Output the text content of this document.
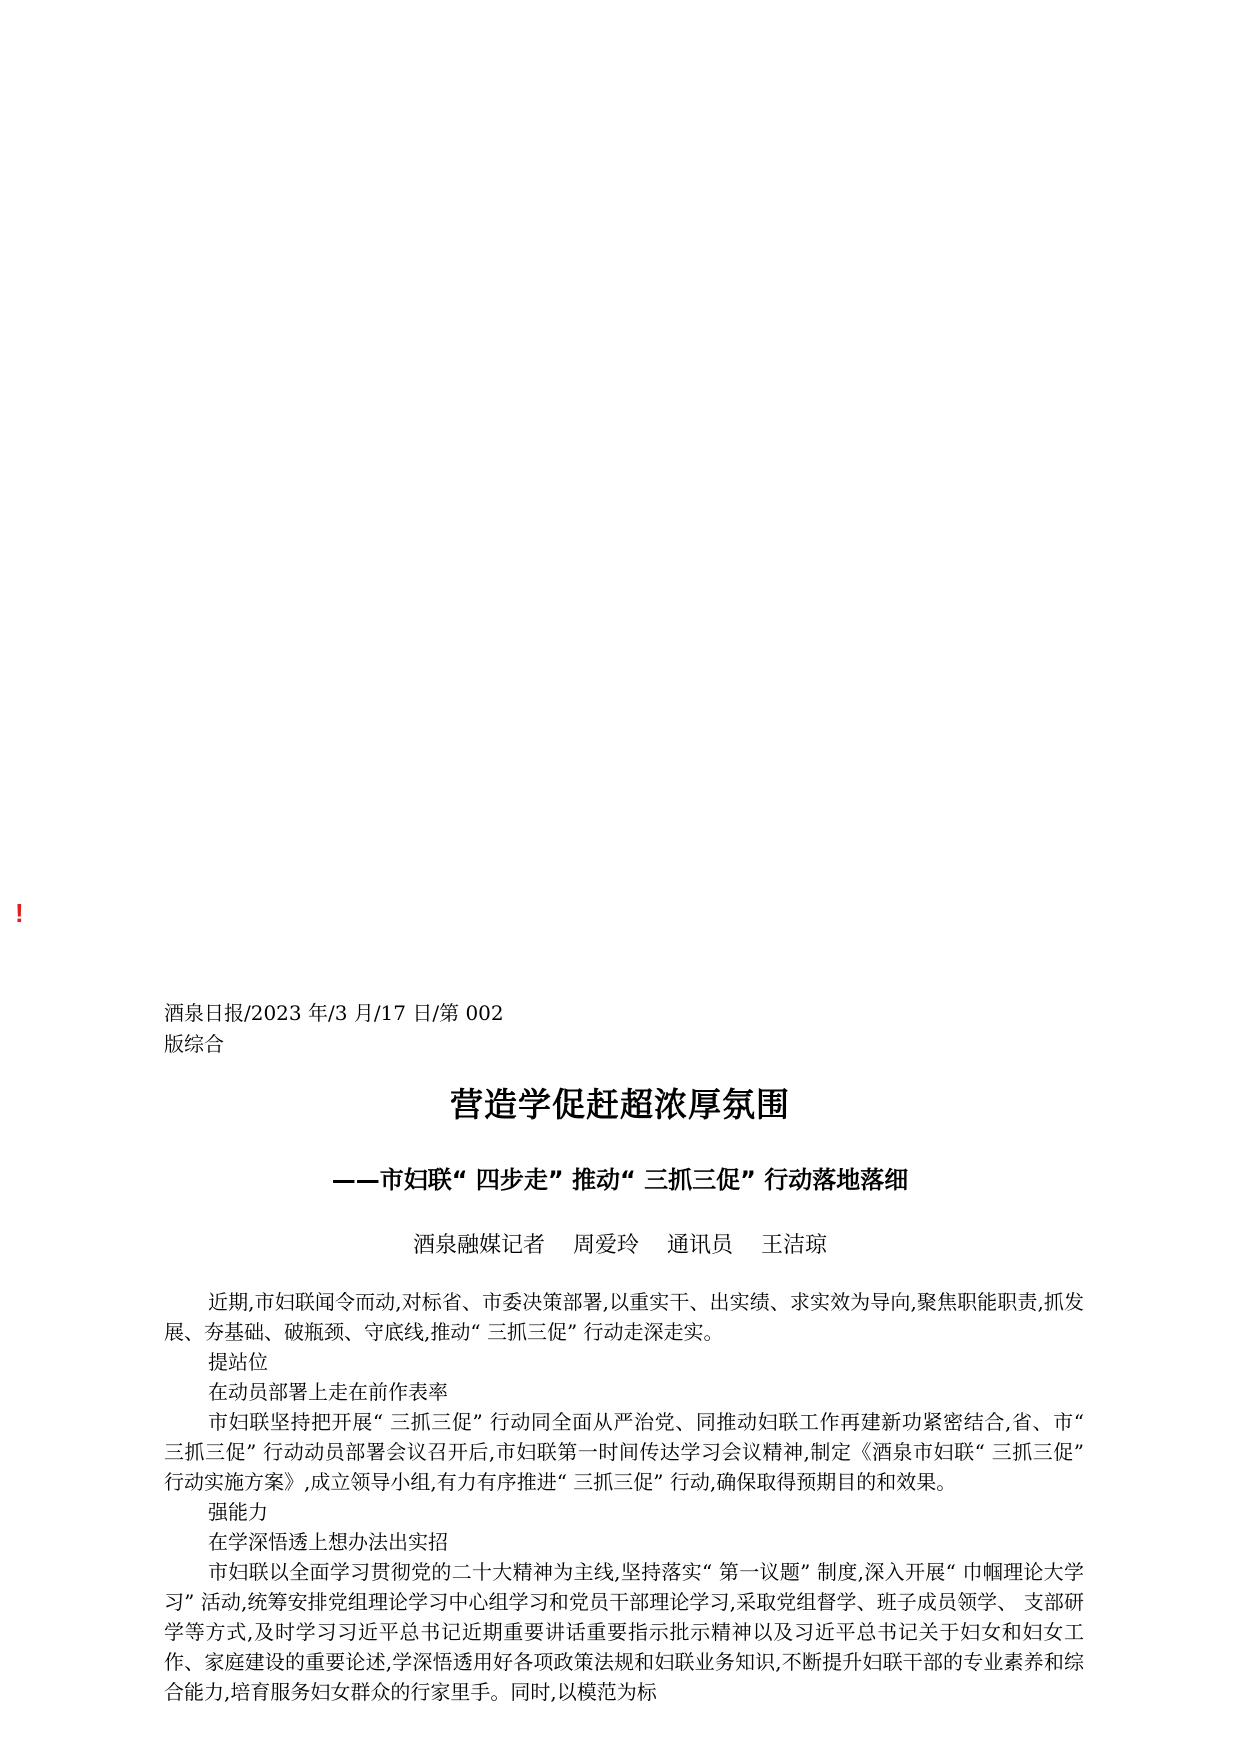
!
酒泉日报/2023 年/3 月/17 日/第 002
版综合
营造学促赶超浓厚氛围
——市妇联“ 四步走” 推动“ 三抓三促” 行动落地落细
酒泉融媒记者    周爱玲    通讯员    王洁琼

近期,市妇联闻令而动,对标省、市委决策部署,以重实干、出实绩、求实效为导向,聚焦职能职责,抓发展、夯基础、破瓶颈、守底线,推动“ 三抓三促” 行动走深走实。

提站位

在动员部署上走在前作表率

市妇联坚持把开展“ 三抓三促” 行动同全面从严治党、同推动妇联工作再建新功紧密结合,省、市“ 三抓三促” 行动动员部署会议召开后,市妇联第一时间传达学习会议精神,制定《酒泉市妇联“ 三抓三促” 行动实施方案》,成立领导小组,有力有序推进“ 三抓三促” 行动,确保取得预期目的和效果。

强能力

在学深悟透上想办法出实招

市妇联以全面学习贯彻党的二十大精神为主线,坚持落实“ 第一议题” 制度,深入开展“ 巾帼理论大学习” 活动,统筹安排党组理论学习中心组学习和党员干部理论学习,采取党组督学、班子成员领学、 支部研学等方式,及时学习习近平总书记近期重要讲话重要指示批示精神以及习近平总书记关于妇女和妇女工作、家庭建设的重要论述,学深悟透用好各项政策法规和妇联业务知识,不断提升妇联干部的专业素养和综合能力,培育服务妇女群众的行家里手。同时,以模范为标
